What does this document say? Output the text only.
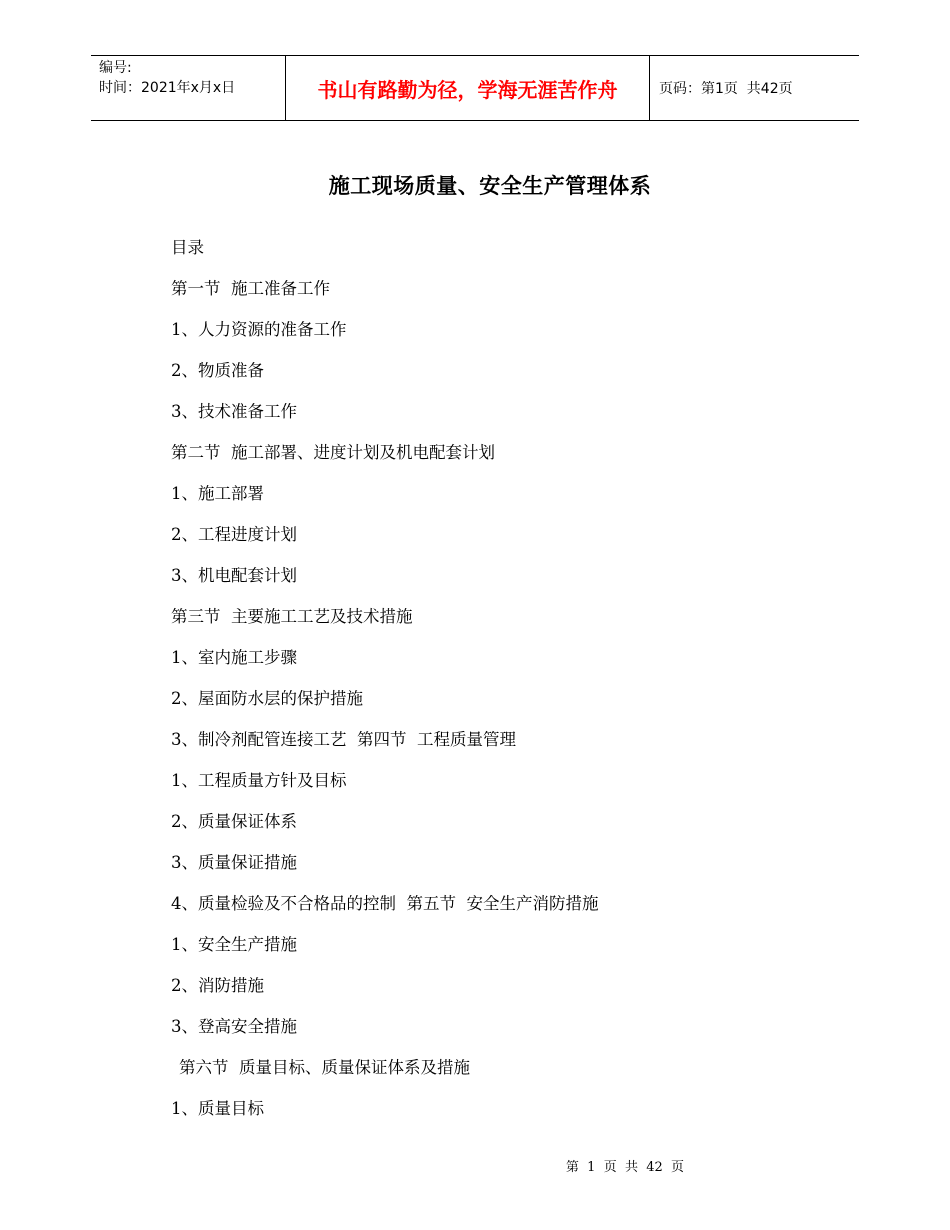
编号:
时间：2021年x月x日	书山有路勤为径，学海无涯苦作舟	页码：第1页  共42页
施工现场质量、安全生产管理体系
目录
第一节  施工准备工作
1、人力资源的准备工作
2、物质准备
3、技术准备工作
第二节  施工部署、进度计划及机电配套计划
1、施工部署
2、工程进度计划
3、机电配套计划
第三节  主要施工工艺及技术措施
1、室内施工步骤
2、屋面防水层的保护措施
3、制冷剂配管连接工艺  第四节  工程质量管理
1、工程质量方针及目标
2、质量保证体系
3、质量保证措施
4、质量检验及不合格品的控制  第五节  安全生产消防措施
1、安全生产措施
2、消防措施
3、登高安全措施
第六节  质量目标、质量保证体系及措施
1、质量目标
第  1  页  共  42  页
